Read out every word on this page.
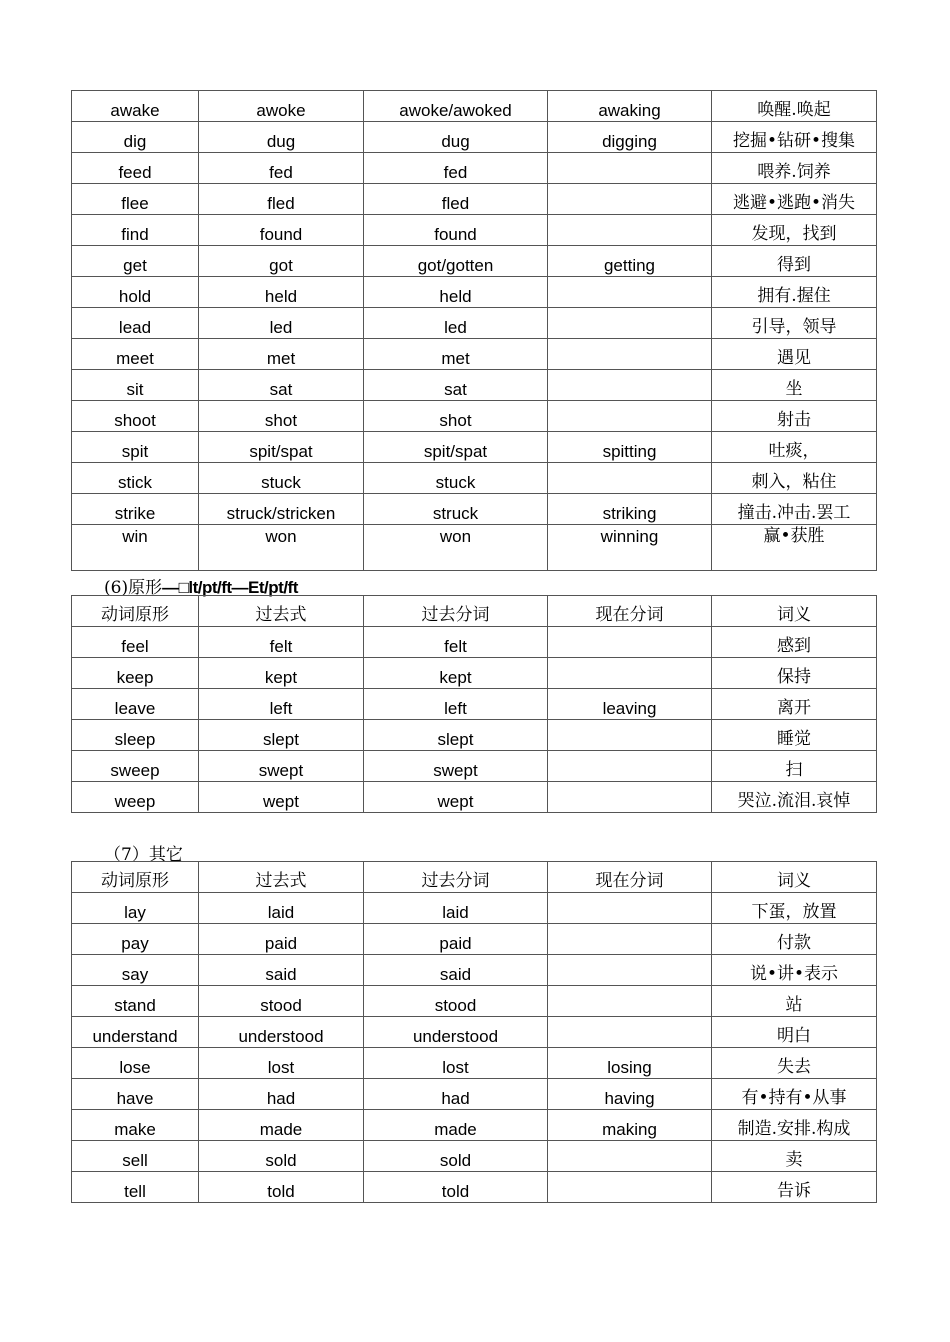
awake	awoke	awoke/awoked	awaking	唤醒.唤起
dig	dug	dug	digging	挖掘•钻研•搜集
feed	fed	fed		喂养.饲养
flee	fled	fled		逃避•逃跑•消失
find	found	found		发现，找到
get	got	got/gotten	getting	得到
hold	held	held		拥有.握住
lead	led	led		引导，领导
meet	met	met		遇见
sit	sat	sat		坐
shoot	shot	shot		射击
spit	spit/spat	spit/spat	spitting	吐痰，
stick	stuck	stuck		刺入，粘住
strike	struck/stricken	struck	striking	撞击.冲击.罢工
win	won	won	winning	赢•获胜
(6)原形—□lt/pt/ft—Et/pt/ft
动词原形	过去式	过去分词	现在分词	词义
feel	felt	felt		感到
keep	kept	kept		保持
leave	left	left	leaving	离开
sleep	slept	slept		睡觉
sweep	swept	swept		扫
weep	wept	wept		哭泣.流泪.哀悼
（7）其它
动词原形	过去式	过去分词	现在分词	词义
lay	laid	laid		下蛋，放置
pay	paid	paid		付款
say	said	said		说•讲•表示
stand	stood	stood		站
understand	understood	understood		明白
lose	lost	lost	losing	失去
have	had	had	having	有•持有•从事
make	made	made	making	制造.安排.构成
sell	sold	sold		卖
tell	told	told		告诉
